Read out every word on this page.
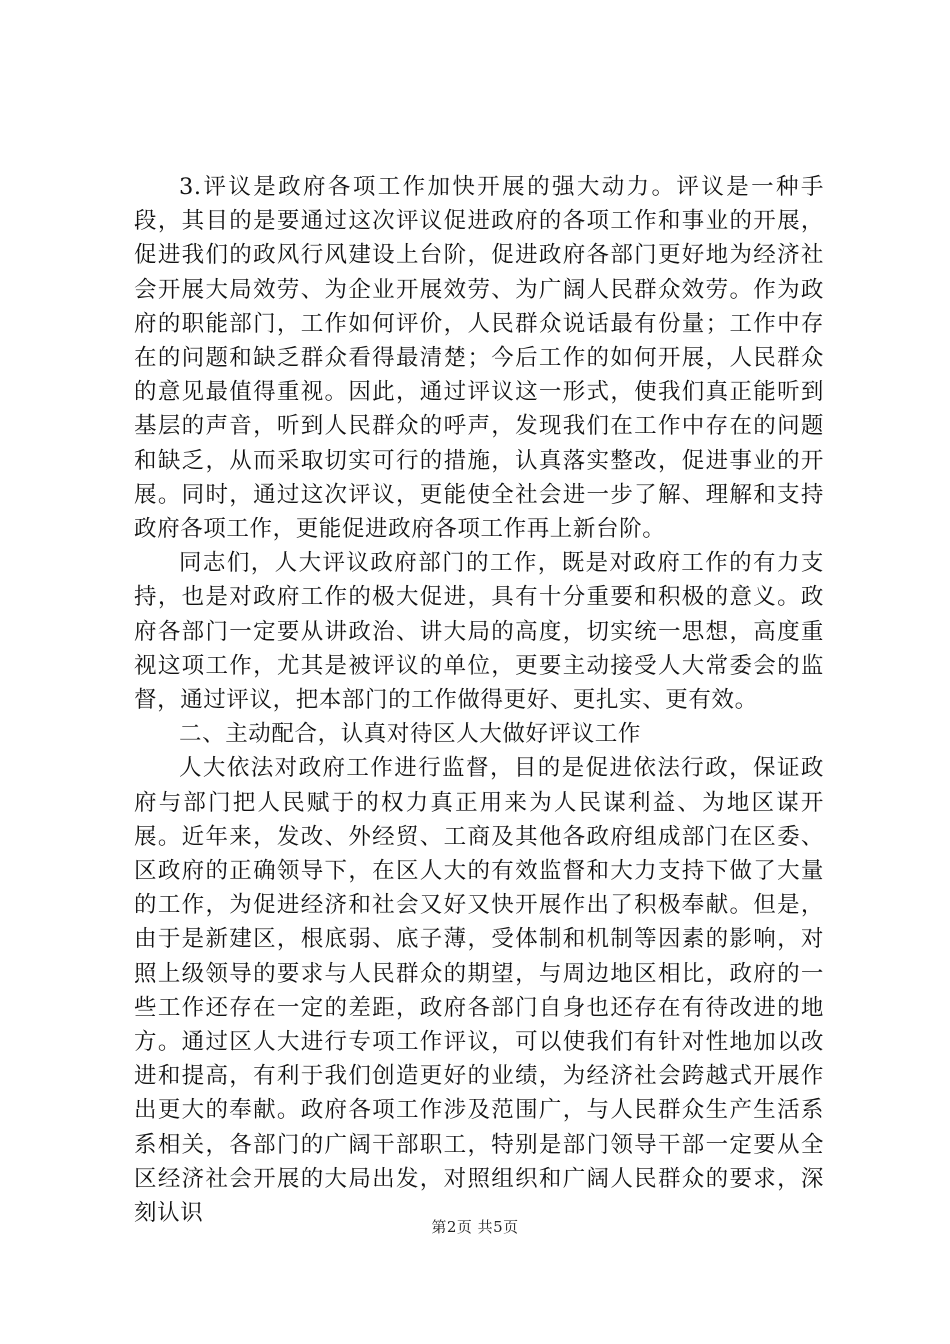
3.评议是政府各项工作加快开展的强大动力。评议是一种手段，其目的是要通过这次评议促进政府的各项工作和事业的开展，促进我们的政风行风建设上台阶，促进政府各部门更好地为经济社会开展大局效劳、为企业开展效劳、为广阔人民群众效劳。作为政府的职能部门，工作如何评价，人民群众说话最有份量；工作中存在的问题和缺乏群众看得最清楚；今后工作的如何开展，人民群众的意见最值得重视。因此，通过评议这一形式，使我们真正能听到基层的声音，听到人民群众的呼声，发现我们在工作中存在的问题和缺乏，从而采取切实可行的措施，认真落实整改，促进事业的开展。同时，通过这次评议，更能使全社会进一步了解、理解和支持政府各项工作，更能促进政府各项工作再上新台阶。

同志们，人大评议政府部门的工作，既是对政府工作的有力支持，也是对政府工作的极大促进，具有十分重要和积极的意义。政府各部门一定要从讲政治、讲大局的高度，切实统一思想，高度重视这项工作，尤其是被评议的单位，更要主动接受人大常委会的监督，通过评议，把本部门的工作做得更好、更扎实、更有效。

二、主动配合，认真对待区人大做好评议工作

人大依法对政府工作进行监督，目的是促进依法行政，保证政府与部门把人民赋于的权力真正用来为人民谋利益、为地区谋开展。近年来，发改、外经贸、工商及其他各政府组成部门在区委、区政府的正确领导下，在区人大的有效监督和大力支持下做了大量的工作，为促进经济和社会又好又快开展作出了积极奉献。但是，由于是新建区，根底弱、底子薄，受体制和机制等因素的影响，对照上级领导的要求与人民群众的期望，与周边地区相比，政府的一些工作还存在一定的差距，政府各部门自身也还存在有待改进的地方。通过区人大进行专项工作评议，可以使我们有针对性地加以改进和提高，有利于我们创造更好的业绩，为经济社会跨越式开展作出更大的奉献。政府各项工作涉及范围广，与人民群众生产生活系系相关，各部门的广阔干部职工，特别是部门领导干部一定要从全区经济社会开展的大局出发，对照组织和广阔人民群众的要求，深刻认识

第2页 共5页
